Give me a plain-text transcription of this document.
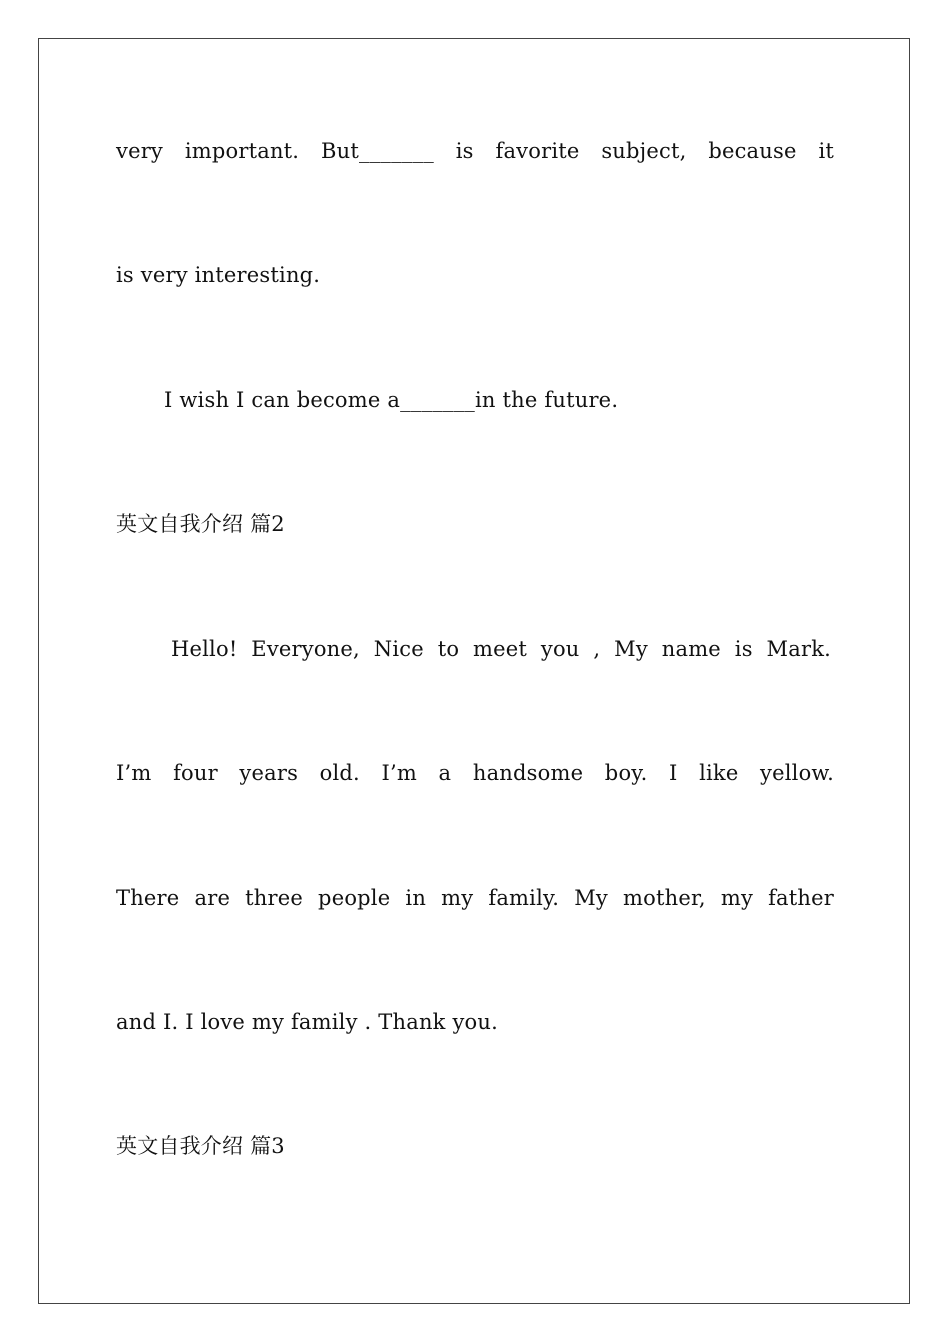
very important. But_______ is favorite subject, because it
is very interesting.
I wish I can become a_______in the future.
英文自我介绍 篇2
Hello! Everyone, Nice to meet you , My name is Mark.
I’m four years old. I’m a handsome boy. I like yellow.
There are three people in my family. My mother, my father
and I. I love my family . Thank you.
英文自我介绍 篇3
